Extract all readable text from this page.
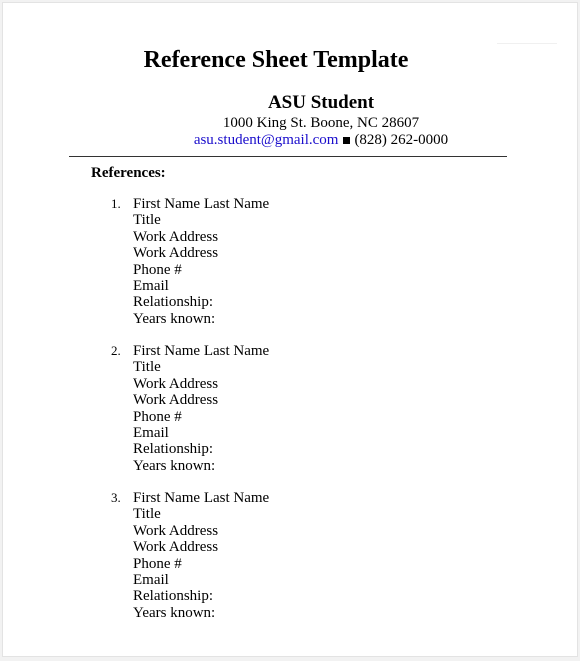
Reference Sheet Template
ASU Student
1000 King St. Boone, NC 28607
asu.student@gmail.com (828) 262-0000
References:
1. First Name Last Name
Title
Work Address
Work Address
Phone #
Email
Relationship:
Years known:
2. First Name Last Name
Title
Work Address
Work Address
Phone #
Email
Relationship:
Years known:
3. First Name Last Name
Title
Work Address
Work Address
Phone #
Email
Relationship:
Years known:
